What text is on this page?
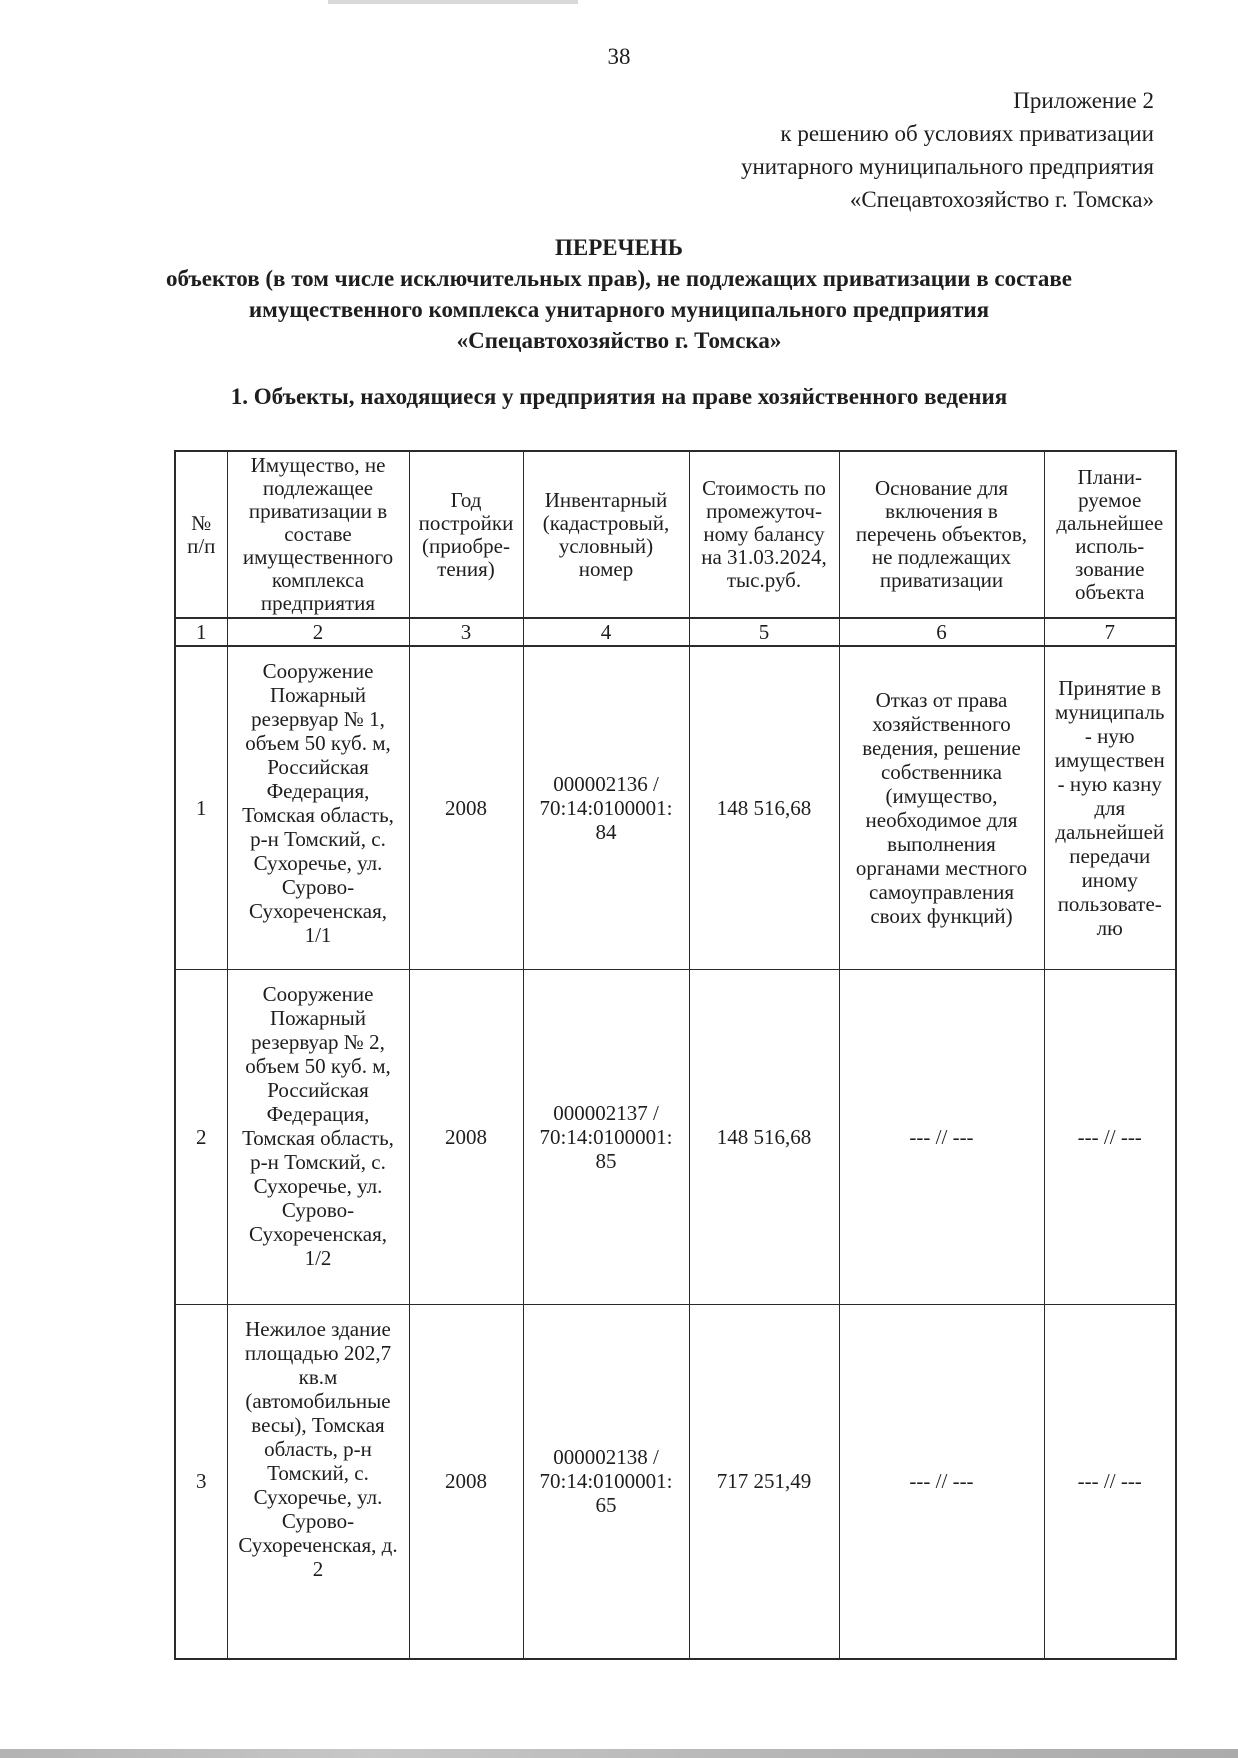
38
Приложение 2
к решению об условиях приватизации
унитарного муниципального предприятия
«Спецавтохозяйство г. Томска»
ПЕРЕЧЕНЬ
объектов (в том числе исключительных прав), не подлежащих приватизации в составе
имущественного комплекса унитарного муниципального предприятия
«Спецавтохозяйство г. Томска»
1. Объекты, находящиеся у предприятия на праве хозяйственного ведения
№ п/п	Имущество, не подлежащее приватизации в составе имущественного комплекса предприятия	Год постройки (приобре- тения)	Инвентарный (кадастровый, условный) номер	Стоимость по промежуточ- ному балансу на 31.03.2024, тыс.руб.	Основание для включения в перечень объектов, не подлежащих приватизации	Плани- руемое дальнейшее исполь- зование объекта
1	2	3	4	5	6	7
1	Сооружение Пожарный резервуар № 1, объем 50 куб. м, Российская Федерация, Томская область, р-н Томский, с. Сухоречье, ул. Сурово- Сухореченская, 1/1	2008	000002136 / 70:14:0100001: 84	148 516,68	Отказ от права хозяйственного ведения, решение собственника (имущество, необходимое для выполнения органами местного самоуправления своих функций)	Принятие в муниципаль- ную имуществен- ную казну для дальнейшей передачи иному пользовате- лю
2	Сооружение Пожарный резервуар № 2, объем 50 куб. м, Российская Федерация, Томская область, р-н Томский, с. Сухоречье, ул. Сурово- Сухореченская, 1/2	2008	000002137 / 70:14:0100001: 85	148 516,68	--- // ---	--- // ---
3	Нежилое здание площадью 202,7 кв.м (автомобильные весы), Томская область, р-н Томский, с. Сухоречье, ул. Сурово- Сухореченская, д. 2	2008	000002138 / 70:14:0100001: 65	717 251,49	--- // ---	--- // ---
